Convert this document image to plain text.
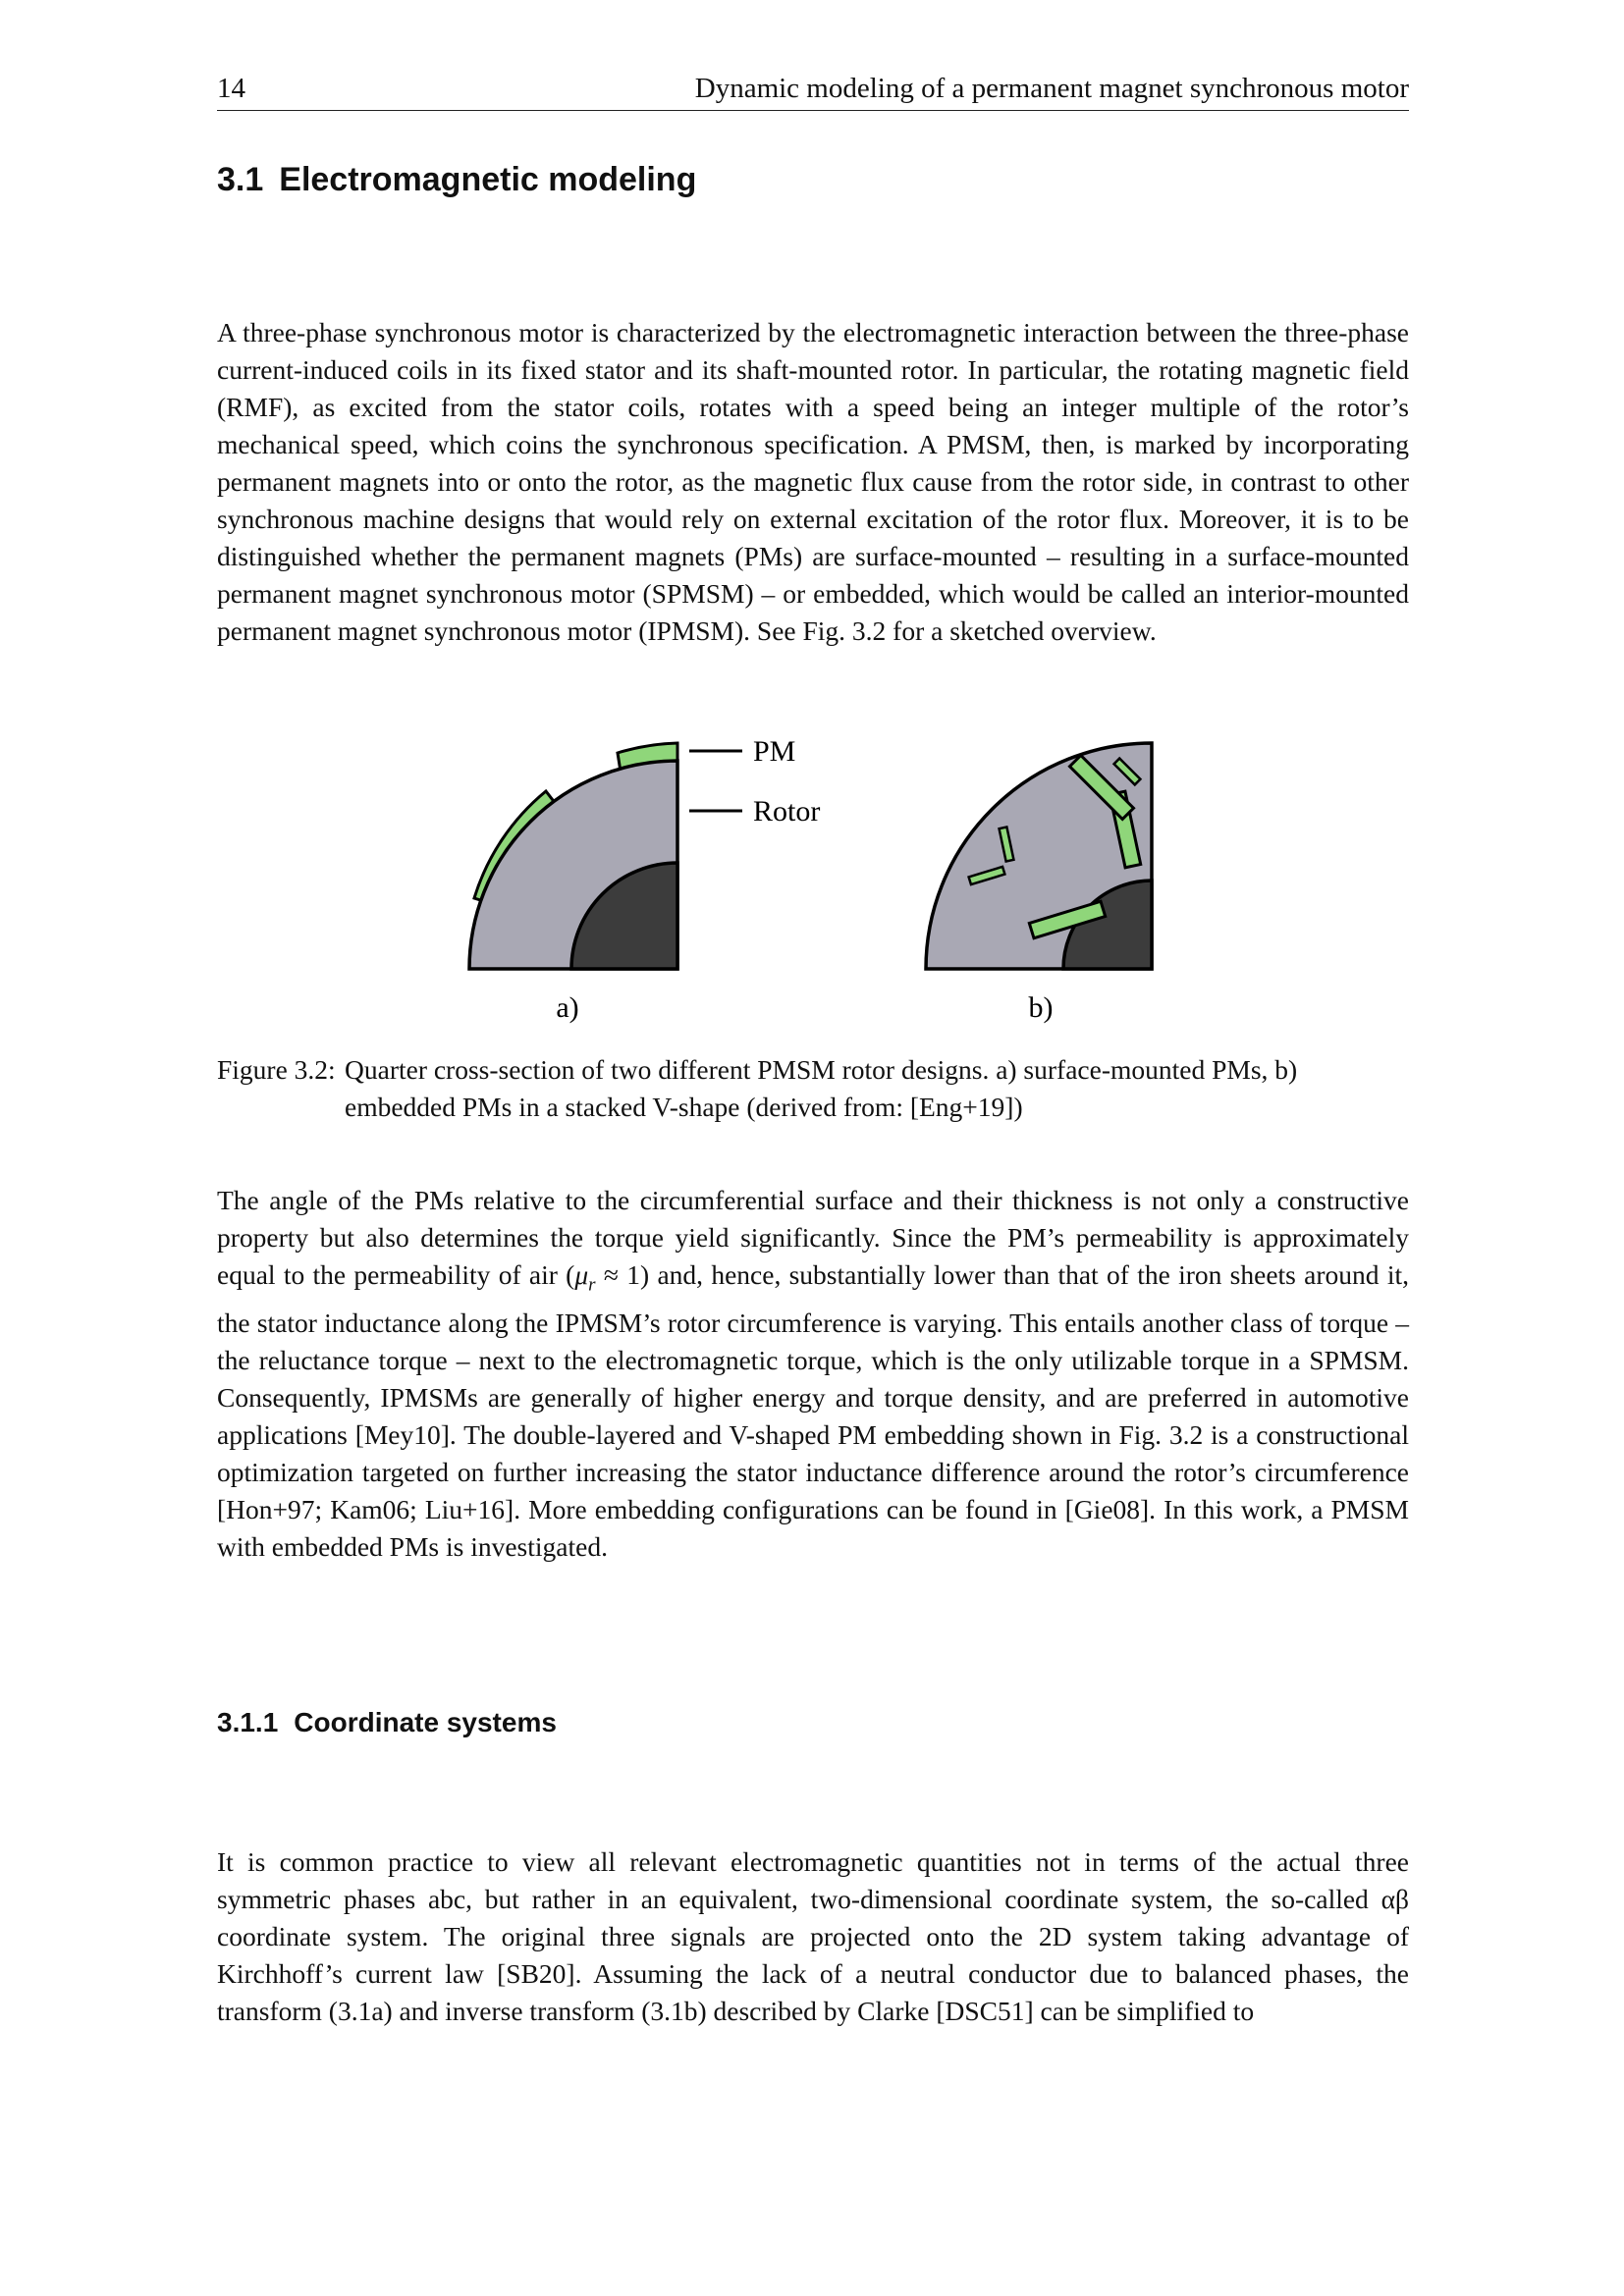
14	Dynamic modeling of a permanent magnet synchronous motor
3.1 Electromagnetic modeling

A three-phase synchronous motor is characterized by the electromagnetic interaction between the three-phase current-induced coils in its fixed stator and its shaft-mounted rotor. In particular, the rotating magnetic field (RMF), as excited from the stator coils, rotates with a speed being an integer multiple of the rotor’s mechanical speed, which coins the synchronous specification. A PMSM, then, is marked by incorporating permanent magnets into or onto the rotor, as the magnetic flux cause from the rotor side, in contrast to other synchronous machine designs that would rely on external excitation of the rotor flux. Moreover, it is to be distinguished whether the permanent magnets (PMs) are surface-mounted – resulting in a surface-mounted permanent magnet synchronous motor (SPMSM) – or embedded, which would be called an interior-mounted permanent magnet synchronous motor (IPMSM). See Fig. 3.2 for a sketched overview.

PM
Rotor
a)	b)
Figure 3.2: Quarter cross-section of two different PMSM rotor designs. a) surface-mounted PMs, b) embedded PMs in a stacked V-shape (derived from: [Eng+19])

The angle of the PMs relative to the circumferential surface and their thickness is not only a constructive property but also determines the torque yield significantly. Since the PM’s permeability is approximately equal to the permeability of air $(\mu_r \approx 1)$ and, hence, substantially lower than that of the iron sheets around it, the stator inductance along the IPMSM’s rotor circumference is varying. This entails another class of torque – the reluctance torque – next to the electromagnetic torque, which is the only utilizable torque in a SPMSM. Consequently, IPMSMs are generally of higher energy and torque density, and are preferred in automotive applications [Mey10]. The double-layered and V-shaped PM embedding shown in Fig. 3.2 is a constructional optimization targeted on further increasing the stator inductance difference around the rotor’s circumference [Hon+97; Kam06; Liu+16]. More embedding configurations can be found in [Gie08]. In this work, a PMSM with embedded PMs is investigated.

3.1.1 Coordinate systems

It is common practice to view all relevant electromagnetic quantities not in terms of the actual three symmetric phases abc, but rather in an equivalent, two-dimensional coordinate system, the so-called αβ coordinate system. The original three signals are projected onto the 2D system taking advantage of Kirchhoff’s current law [SB20]. Assuming the lack of a neutral conductor due to balanced phases, the transform (3.1a) and inverse transform (3.1b) described by Clarke [DSC51] can be simplified to
